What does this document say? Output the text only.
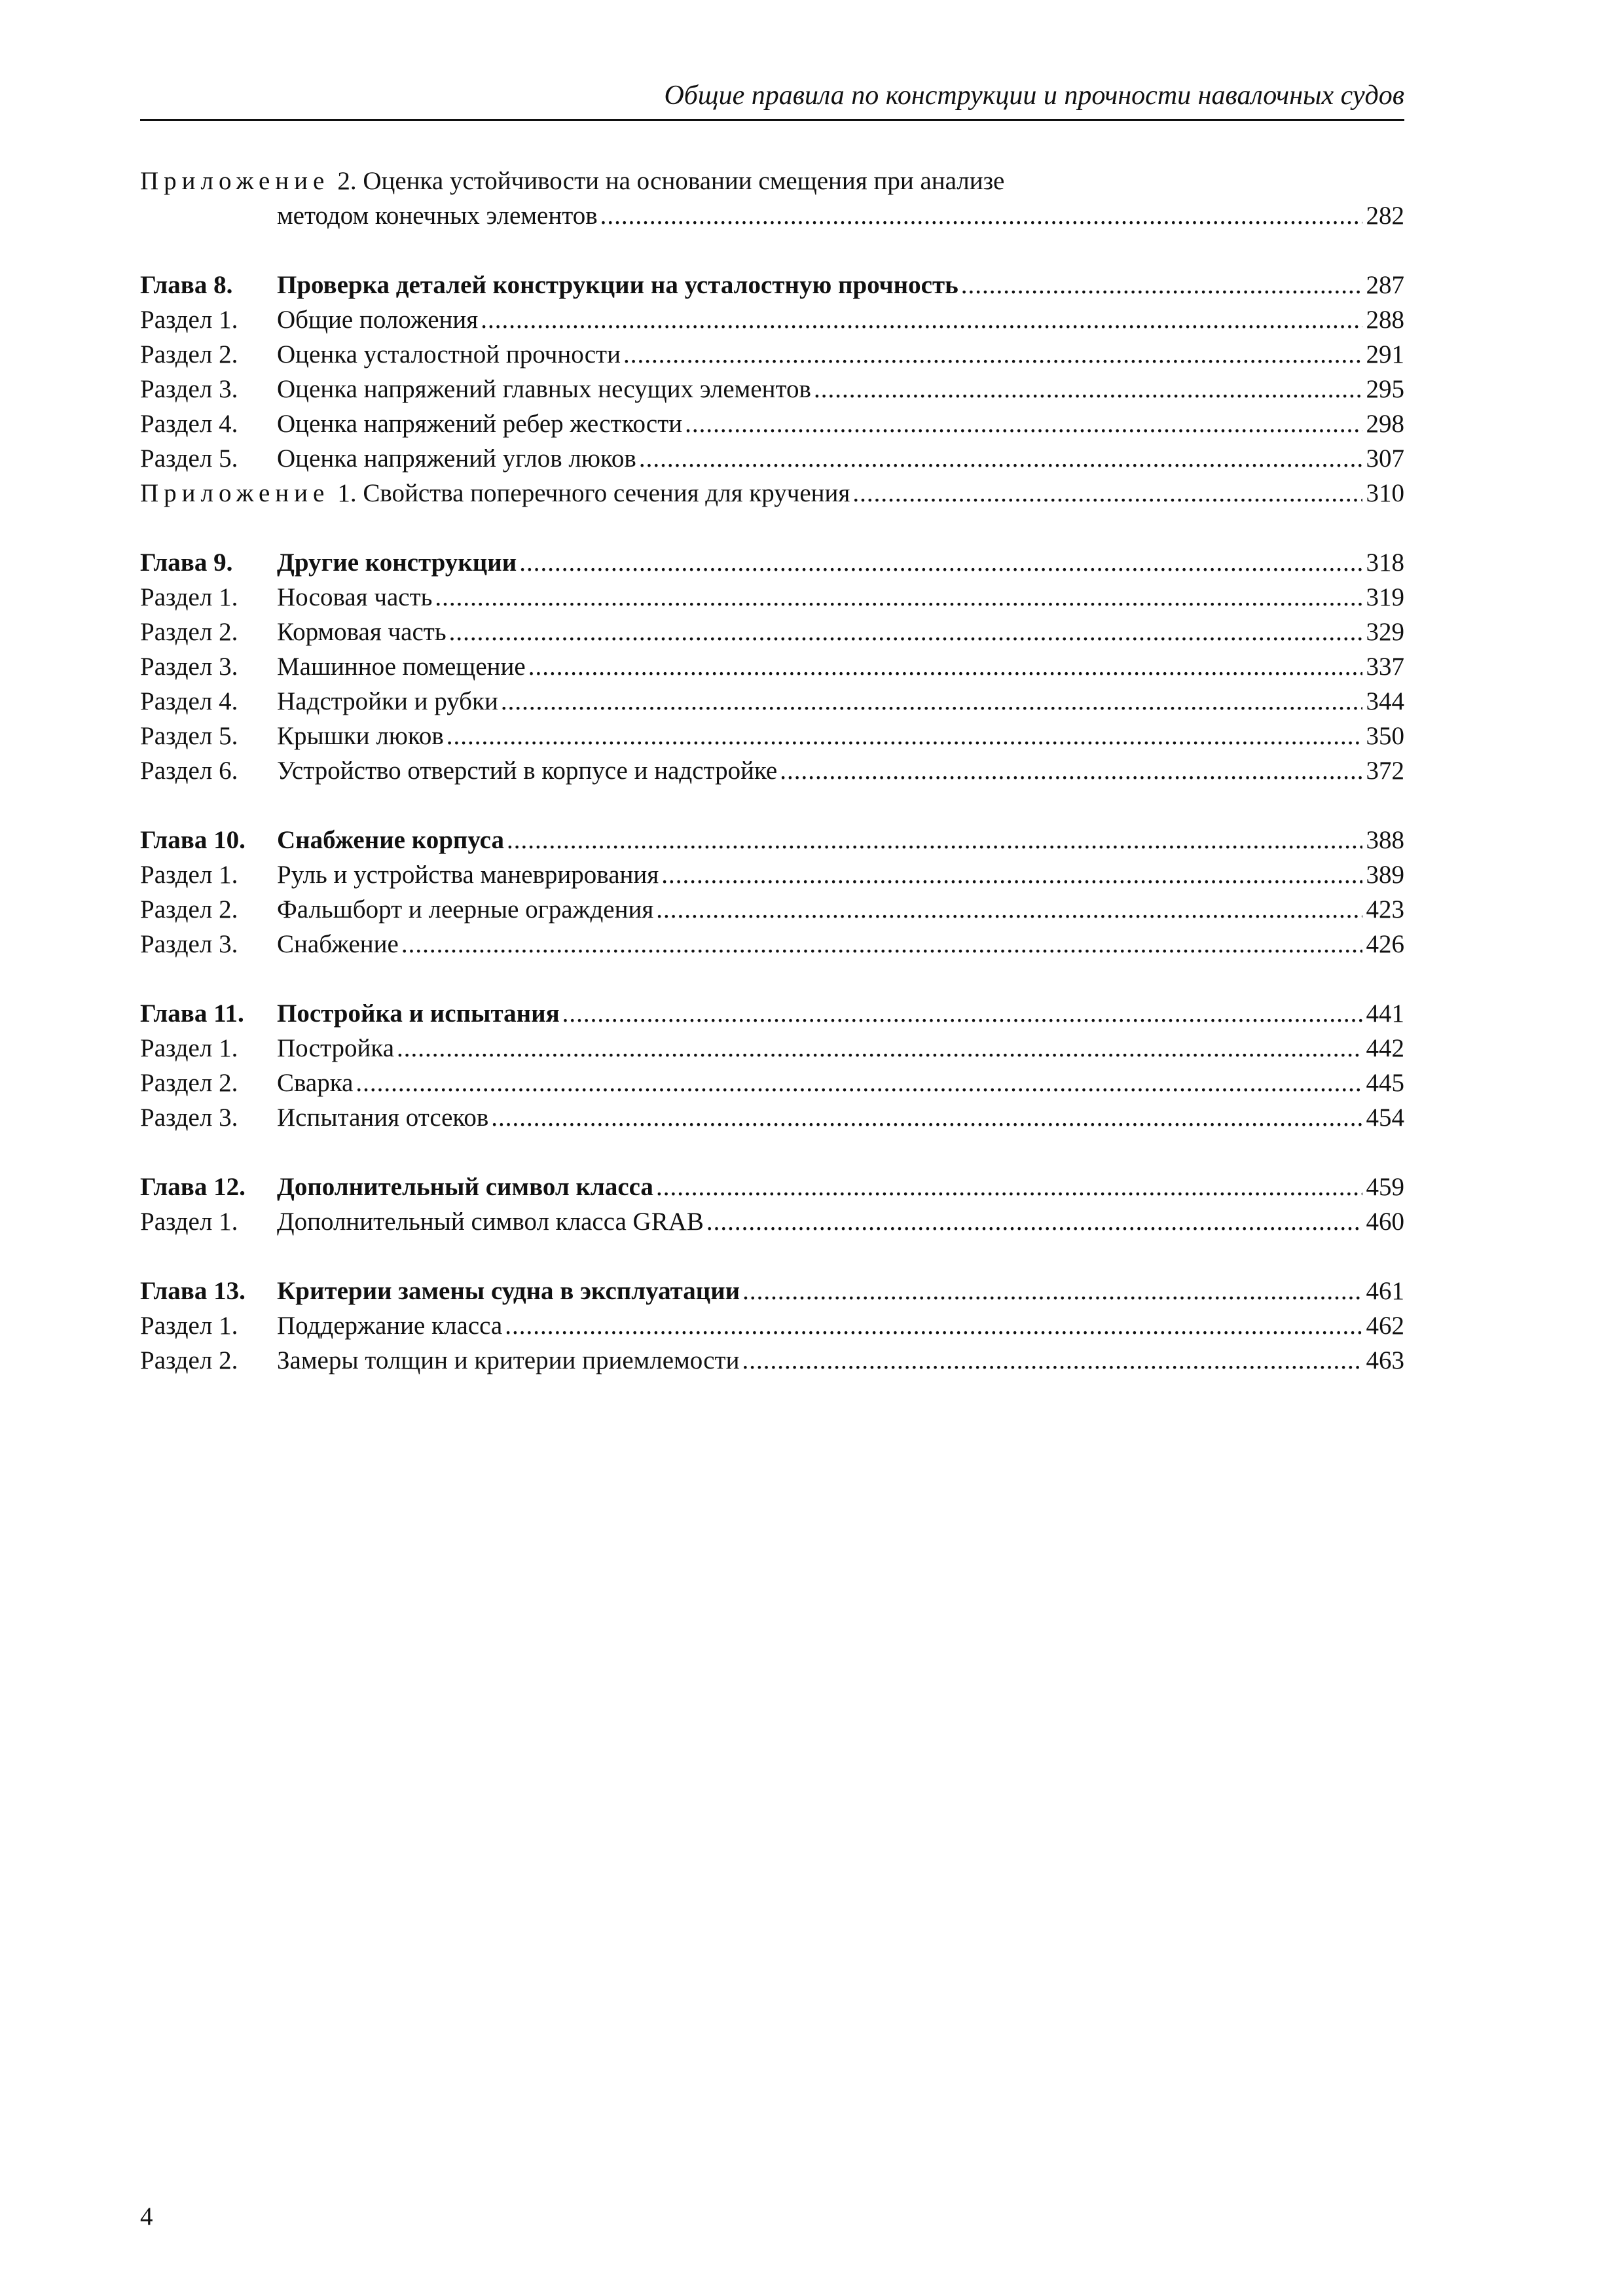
Общие правила по конструкции и прочности навалочных судов
Приложение 2. Оценка устойчивости на основании смещения при анализе
методом конечных элементов .....	282
Глава 8.	Проверка деталей конструкции на усталостную прочность .....	287
Раздел 1.	Общие положения .....	288
Раздел 2.	Оценка усталостной прочности .....	291
Раздел 3.	Оценка напряжений главных несущих элементов .....	295
Раздел 4.	Оценка напряжений ребер жесткости .....	298
Раздел 5.	Оценка напряжений углов люков .....	307
Приложение 1. Свойства поперечного сечения для кручения .....	310
Глава 9.	Другие конструкции .....	318
Раздел 1.	Носовая часть .....	319
Раздел 2.	Кормовая часть .....	329
Раздел 3.	Машинное помещение .....	337
Раздел 4.	Надстройки и рубки .....	344
Раздел 5.	Крышки люков .....	350
Раздел 6.	Устройство отверстий в корпусе и надстройке .....	372
Глава 10.	Снабжение корпуса .....	388
Раздел 1.	Руль и устройства маневрирования .....	389
Раздел 2.	Фальшборт и леерные ограждения .....	423
Раздел 3.	Снабжение .....	426
Глава 11.	Постройка и испытания .....	441
Раздел 1.	Постройка .....	442
Раздел 2.	Сварка .....	445
Раздел 3.	Испытания отсеков .....	454
Глава 12.	Дополнительный символ класса .....	459
Раздел 1.	Дополнительный символ класса GRAB .....	460
Глава 13.	Критерии замены судна в эксплуатации .....	461
Раздел 1.	Поддержание класса .....	462
Раздел 2.	Замеры толщин и критерии приемлемости .....	463
4
